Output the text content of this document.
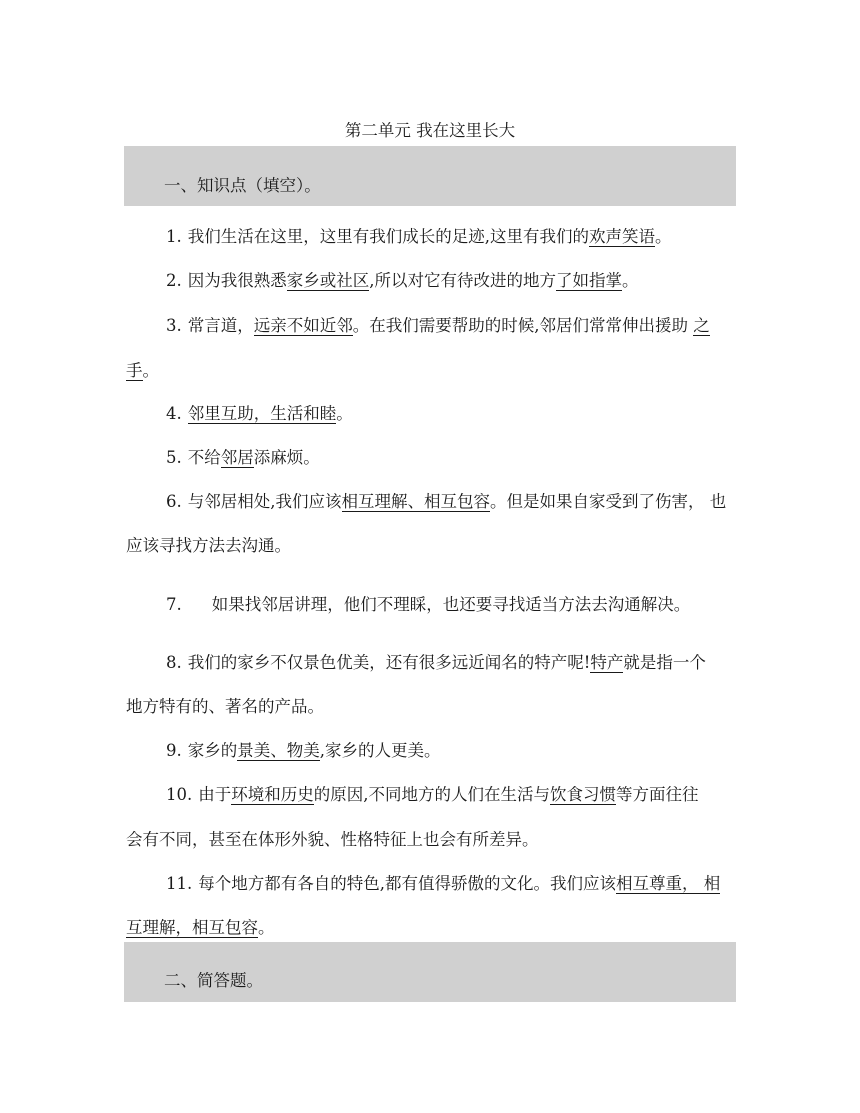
第二单元 我在这里长大
一、知识点（填空）。
1. 我们生活在这里，这里有我们成长的足迹,这里有我们的欢声笑语。
2. 因为我很熟悉家乡或社区,所以对它有待改进的地方了如指掌。
3. 常言道，远亲不如近邻。在我们需要帮助的时候,邻居们常常伸出援助 之
手。
4. 邻里互助，生活和睦。
5. 不给邻居添麻烦。
6. 与邻居相处,我们应该相互理解、相互包容。但是如果自家受到了伤害， 也
应该寻找方法去沟通。
7. 如果找邻居讲理，他们不理睬，也还要寻找适当方法去沟通解决。
8. 我们的家乡不仅景色优美，还有很多远近闻名的特产呢!特产就是指一个
地方特有的、著名的产品。
9. 家乡的景美、物美,家乡的人更美。
10. 由于环境和历史的原因,不同地方的人们在生活与饮食习惯等方面往往
会有不同，甚至在体形外貌、性格特征上也会有所差异。
11. 每个地方都有各自的特色,都有值得骄傲的文化。我们应该相互尊重， 相
互理解，相互包容。
二、简答题。
